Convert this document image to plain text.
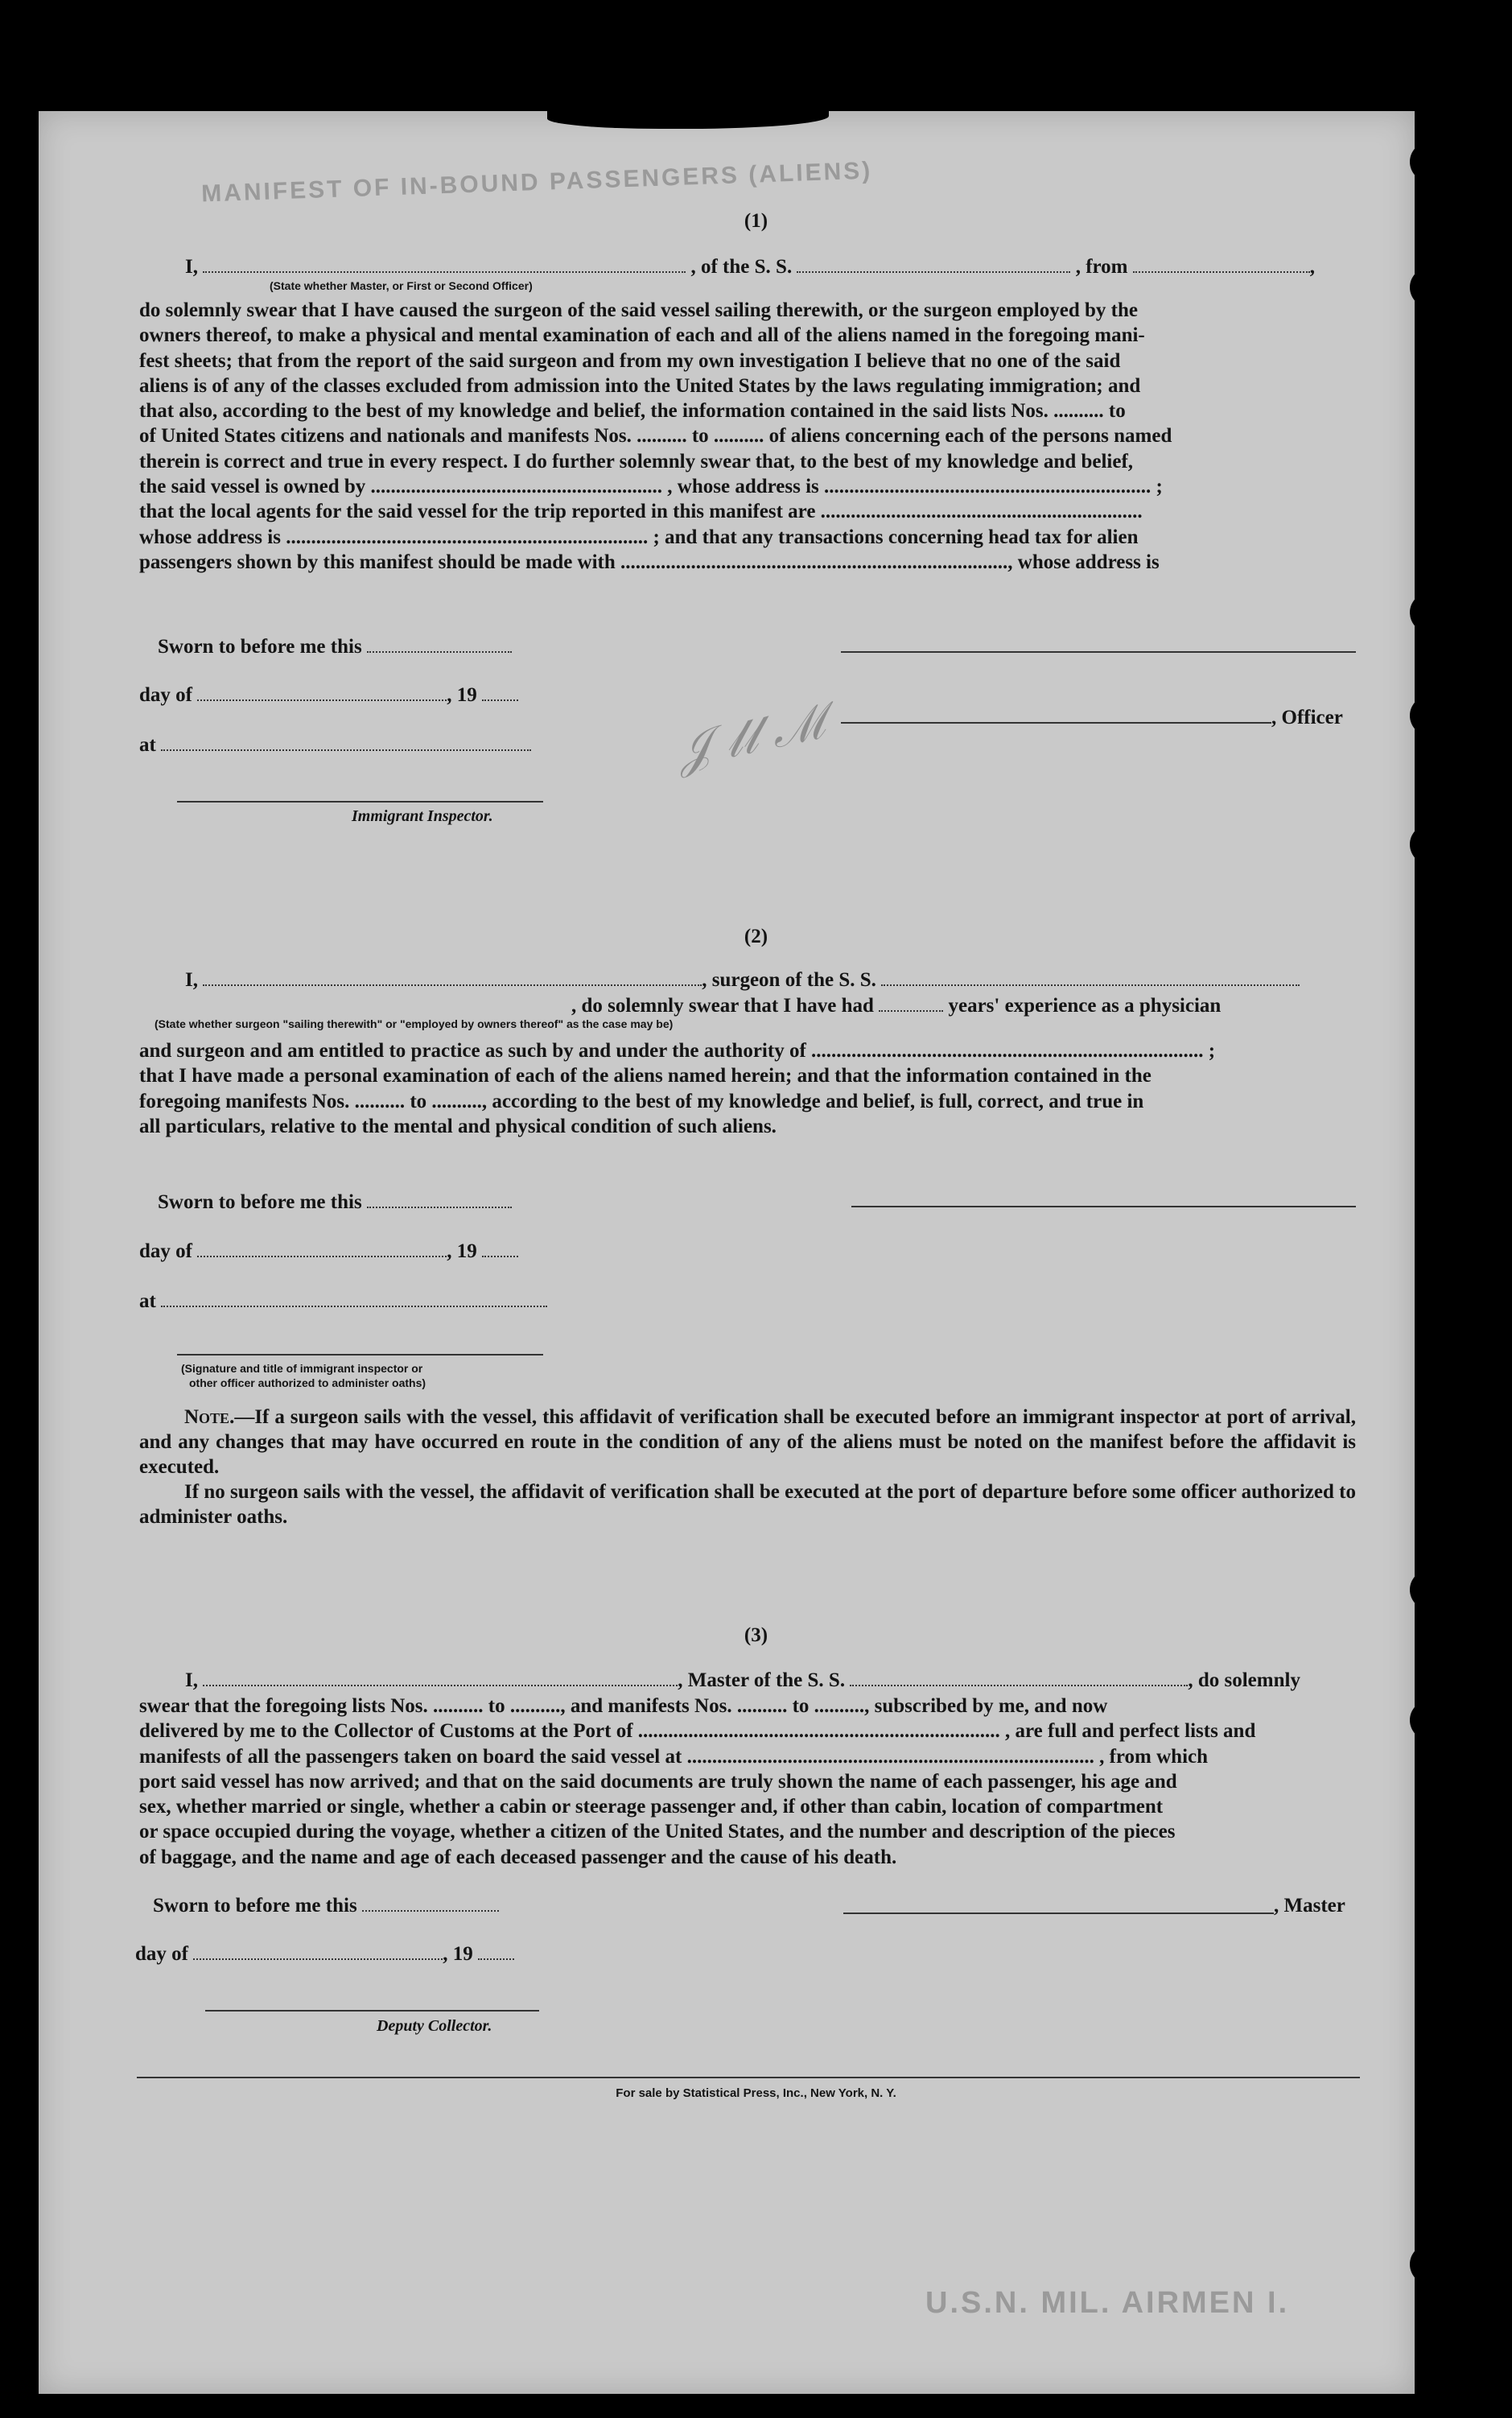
MANIFEST OF IN-BOUND PASSENGERS (ALIENS)
U.S.N. MIL. AIRMEN I.
(1)
I,	, of the S. S.	, from	,
(State whether Master, or First or Second Officer)

do solemnly swear that I have caused the surgeon of the said vessel sailing therewith, or the surgeon employed by the

owners thereof, to make a physical and mental examination of each and all of the aliens named in the foregoing mani-

fest sheets; that from the report of the said surgeon and from my own investigation I believe that no one of the said

aliens is of any of the classes excluded from admission into the United States by the laws regulating immigration; and

that also, according to the best of my knowledge and belief, the information contained in the said lists Nos. .......... to

of United States citizens and nationals and manifests Nos. .......... to .......... of aliens concerning each of the persons named

therein is correct and true in every respect. I do further solemnly swear that, to the best of my knowledge and belief,

the said vessel is owned by .......................................................... , whose address is ................................................................. ;

that the local agents for the said vessel for the trip reported in this manifest are ................................................................

whose address is ........................................................................ ; and that any transactions concerning head tax for alien

passengers shown by this manifest should be made with ............................................................................., whose address is

Sworn to before me this
day of	, 19
at
Immigrant Inspector.
, Officer
𝒥 𝓁𝓁 ℳ
(2)
I,	, surgeon of the S. S.
, do solemnly swear that I have had	years' experience as a physician
(State whether surgeon "sailing therewith" or "employed by owners thereof" as the case may be)

and surgeon and am entitled to practice as such by and under the authority of .............................................................................. ;

that I have made a personal examination of each of the aliens named herein; and that the information contained in the

foregoing manifests Nos. .......... to .........., according to the best of my knowledge and belief, is full, correct, and true in

all particulars, relative to the mental and physical condition of such aliens.

Sworn to before me this
day of	, 19
at
(Signature and title of immigrant inspector or
other officer authorized to administer oaths)

Note.—If a surgeon sails with the vessel, this affidavit of verification shall be executed before an immigrant inspector at port of arrival, and any changes that may have occurred en route in the condition of any of the aliens must be noted on the manifest before the affidavit is executed.

If no surgeon sails with the vessel, the affidavit of verification shall be executed at the port of departure before some officer authorized to administer oaths.

(3)
I,	, Master of the S. S.	, do solemnly

swear that the foregoing lists Nos. .......... to .........., and manifests Nos. .......... to .........., subscribed by me, and now

delivered by me to the Collector of Customs at the Port of ........................................................................ , are full and perfect lists and

manifests of all the passengers taken on board the said vessel at ................................................................................. , from which

port said vessel has now arrived; and that on the said documents are truly shown the name of each passenger, his age and

sex, whether married or single, whether a cabin or steerage passenger and, if other than cabin, location of compartment

or space occupied during the voyage, whether a citizen of the United States, and the number and description of the pieces

of baggage, and the name and age of each deceased passenger and the cause of his death.

Sworn to before me this
day of	, 19
Deputy Collector.
, Master
For sale by Statistical Press, Inc., New York, N. Y.
